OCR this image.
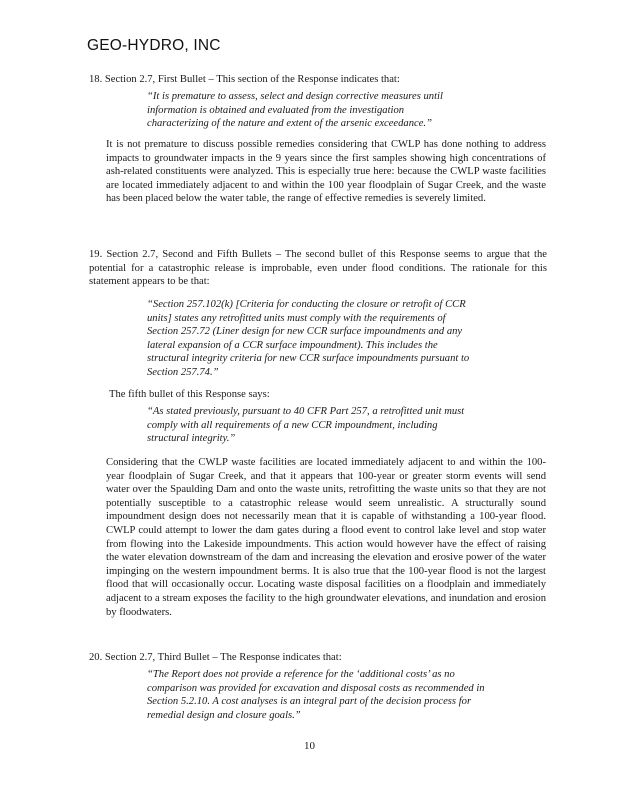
GEO-HYDRO, INC
18. Section 2.7, First Bullet – This section of the Response indicates that:
“It is premature to assess, select and design corrective measures until information is obtained and evaluated from the investigation characterizing of the nature and extent of the arsenic exceedance.”
It is not premature to discuss possible remedies considering that CWLP has done nothing to address impacts to groundwater impacts in the 9 years since the first samples showing high concentrations of ash-related constituents were analyzed. This is especially true here: because the CWLP waste facilities are located immediately adjacent to and within the 100 year floodplain of Sugar Creek, and the waste has been placed below the water table, the range of effective remedies is severely limited.
19. Section 2.7, Second and Fifth Bullets – The second bullet of this Response seems to argue that the potential for a catastrophic release is improbable, even under flood conditions. The rationale for this statement appears to be that:
“Section 257.102(k) [Criteria for conducting the closure or retrofit of CCR units] states any retrofitted units must comply with the requirements of Section 257.72 (Liner design for new CCR surface impoundments and any lateral expansion of a CCR surface impoundment). This includes the structural integrity criteria for new CCR surface impoundments pursuant to Section 257.74.”
The fifth bullet of this Response says:
“As stated previously, pursuant to 40 CFR Part 257, a retrofitted unit must comply with all requirements of a new CCR impoundment, including structural integrity.”
Considering that the CWLP waste facilities are located immediately adjacent to and within the 100-year floodplain of Sugar Creek, and that it appears that 100-year or greater storm events will send water over the Spaulding Dam and onto the waste units, retrofitting the waste units so that they are not potentially susceptible to a catastrophic release would seem unrealistic. A structurally sound impoundment design does not necessarily mean that it is capable of withstanding a 100-year flood. CWLP could attempt to lower the dam gates during a flood event to control lake level and stop water from flowing into the Lakeside impoundments. This action would however have the effect of raising the water elevation downstream of the dam and increasing the elevation and erosive power of the water impinging on the western impoundment berms. It is also true that the 100-year flood is not the largest flood that will occasionally occur. Locating waste disposal facilities on a floodplain and immediately adjacent to a stream exposes the facility to the high groundwater elevations, and inundation and erosion by floodwaters.
20. Section 2.7, Third Bullet – The Response indicates that:
“The Report does not provide a reference for the ‘additional costs’ as no comparison was provided for excavation and disposal costs as recommended in Section 5.2.10. A cost analyses is an integral part of the decision process for remedial design and closure goals.”
10
